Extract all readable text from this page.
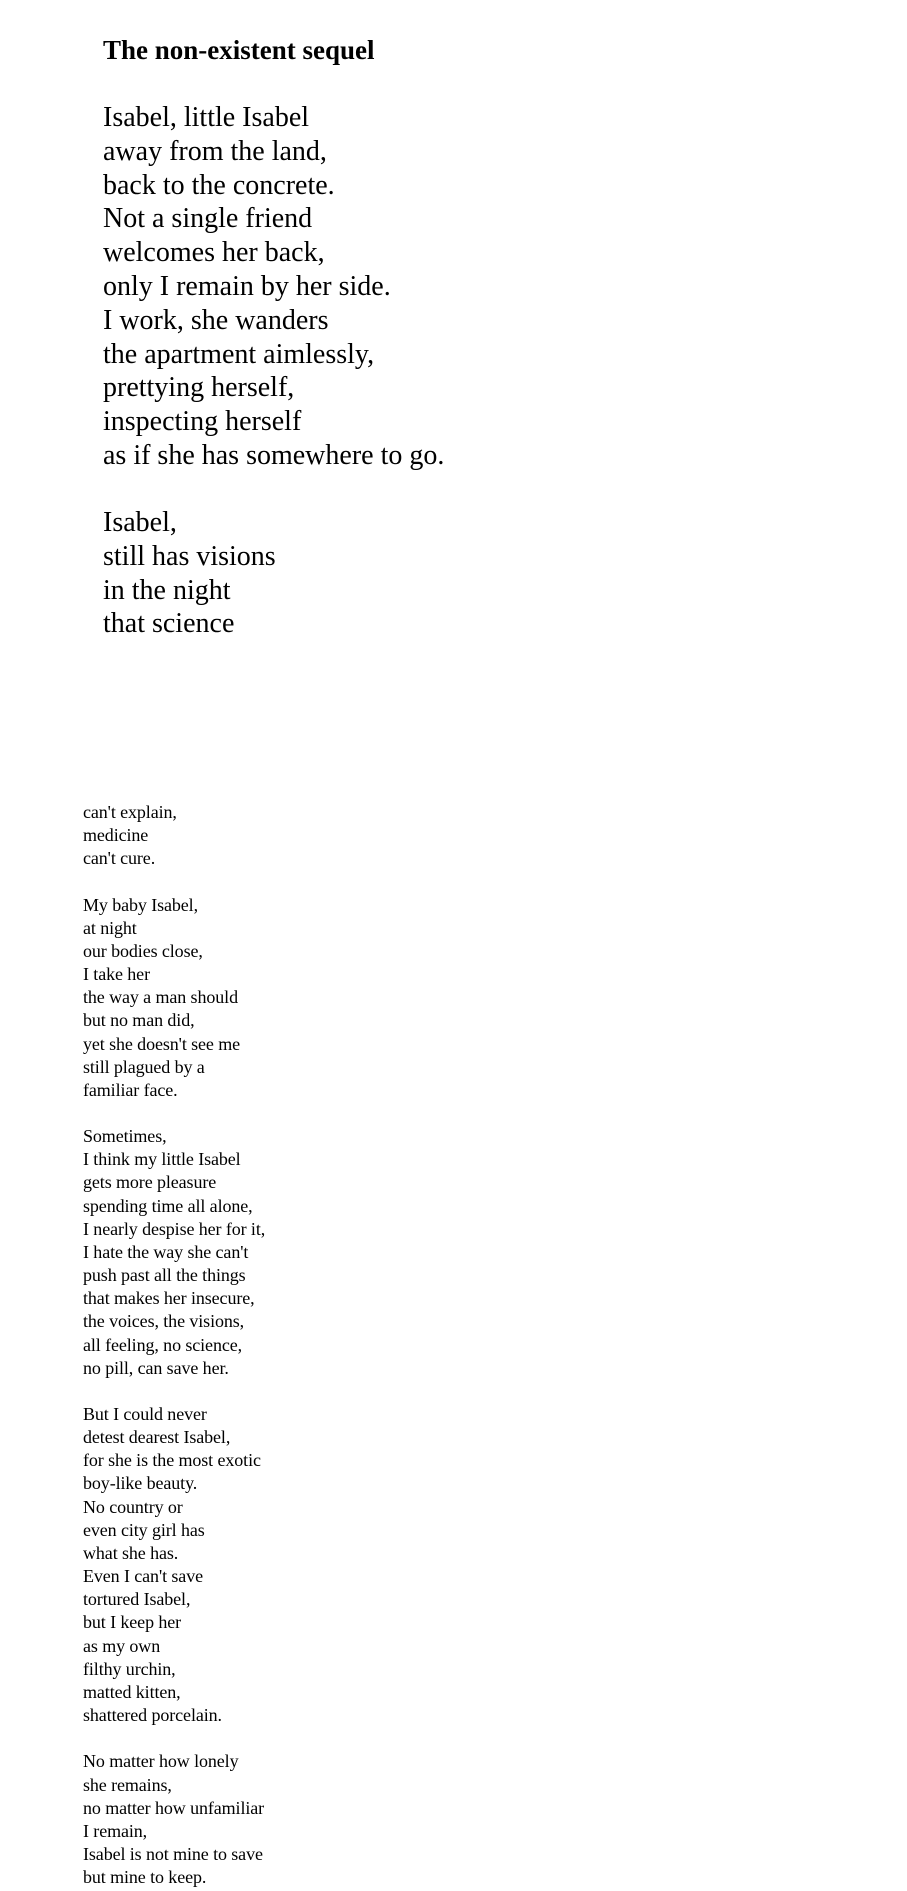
The non-existent sequel
Isabel, little Isabel
away from the land,
back to the concrete.
Not a single friend
welcomes her back,
only I remain by her side.
I work, she wanders
the apartment aimlessly,
prettying herself,
inspecting herself
as if she has somewhere to go.
Isabel,
still has visions
in the night
that science
can't explain,
medicine
can't cure.
My baby Isabel,
at night
our bodies close,
I take her
the way a man should
but no man did,
yet she doesn't see me
still plagued by a
familiar face.
Sometimes,
I think my little Isabel
gets more pleasure
spending time all alone,
I nearly despise her for it,
I hate the way she can't
push past all the things
that makes her insecure,
the voices, the visions,
all feeling, no science,
no pill, can save her.
But I could never
detest dearest Isabel,
for she is the most exotic
boy-like beauty.
No country or
even city girl has
what she has.
Even I can't save
tortured Isabel,
but I keep her
as my own
filthy urchin,
matted kitten,
shattered porcelain.
No matter how lonely
she remains,
no matter how unfamiliar
I remain,
Isabel is not mine to save
but mine to keep.
